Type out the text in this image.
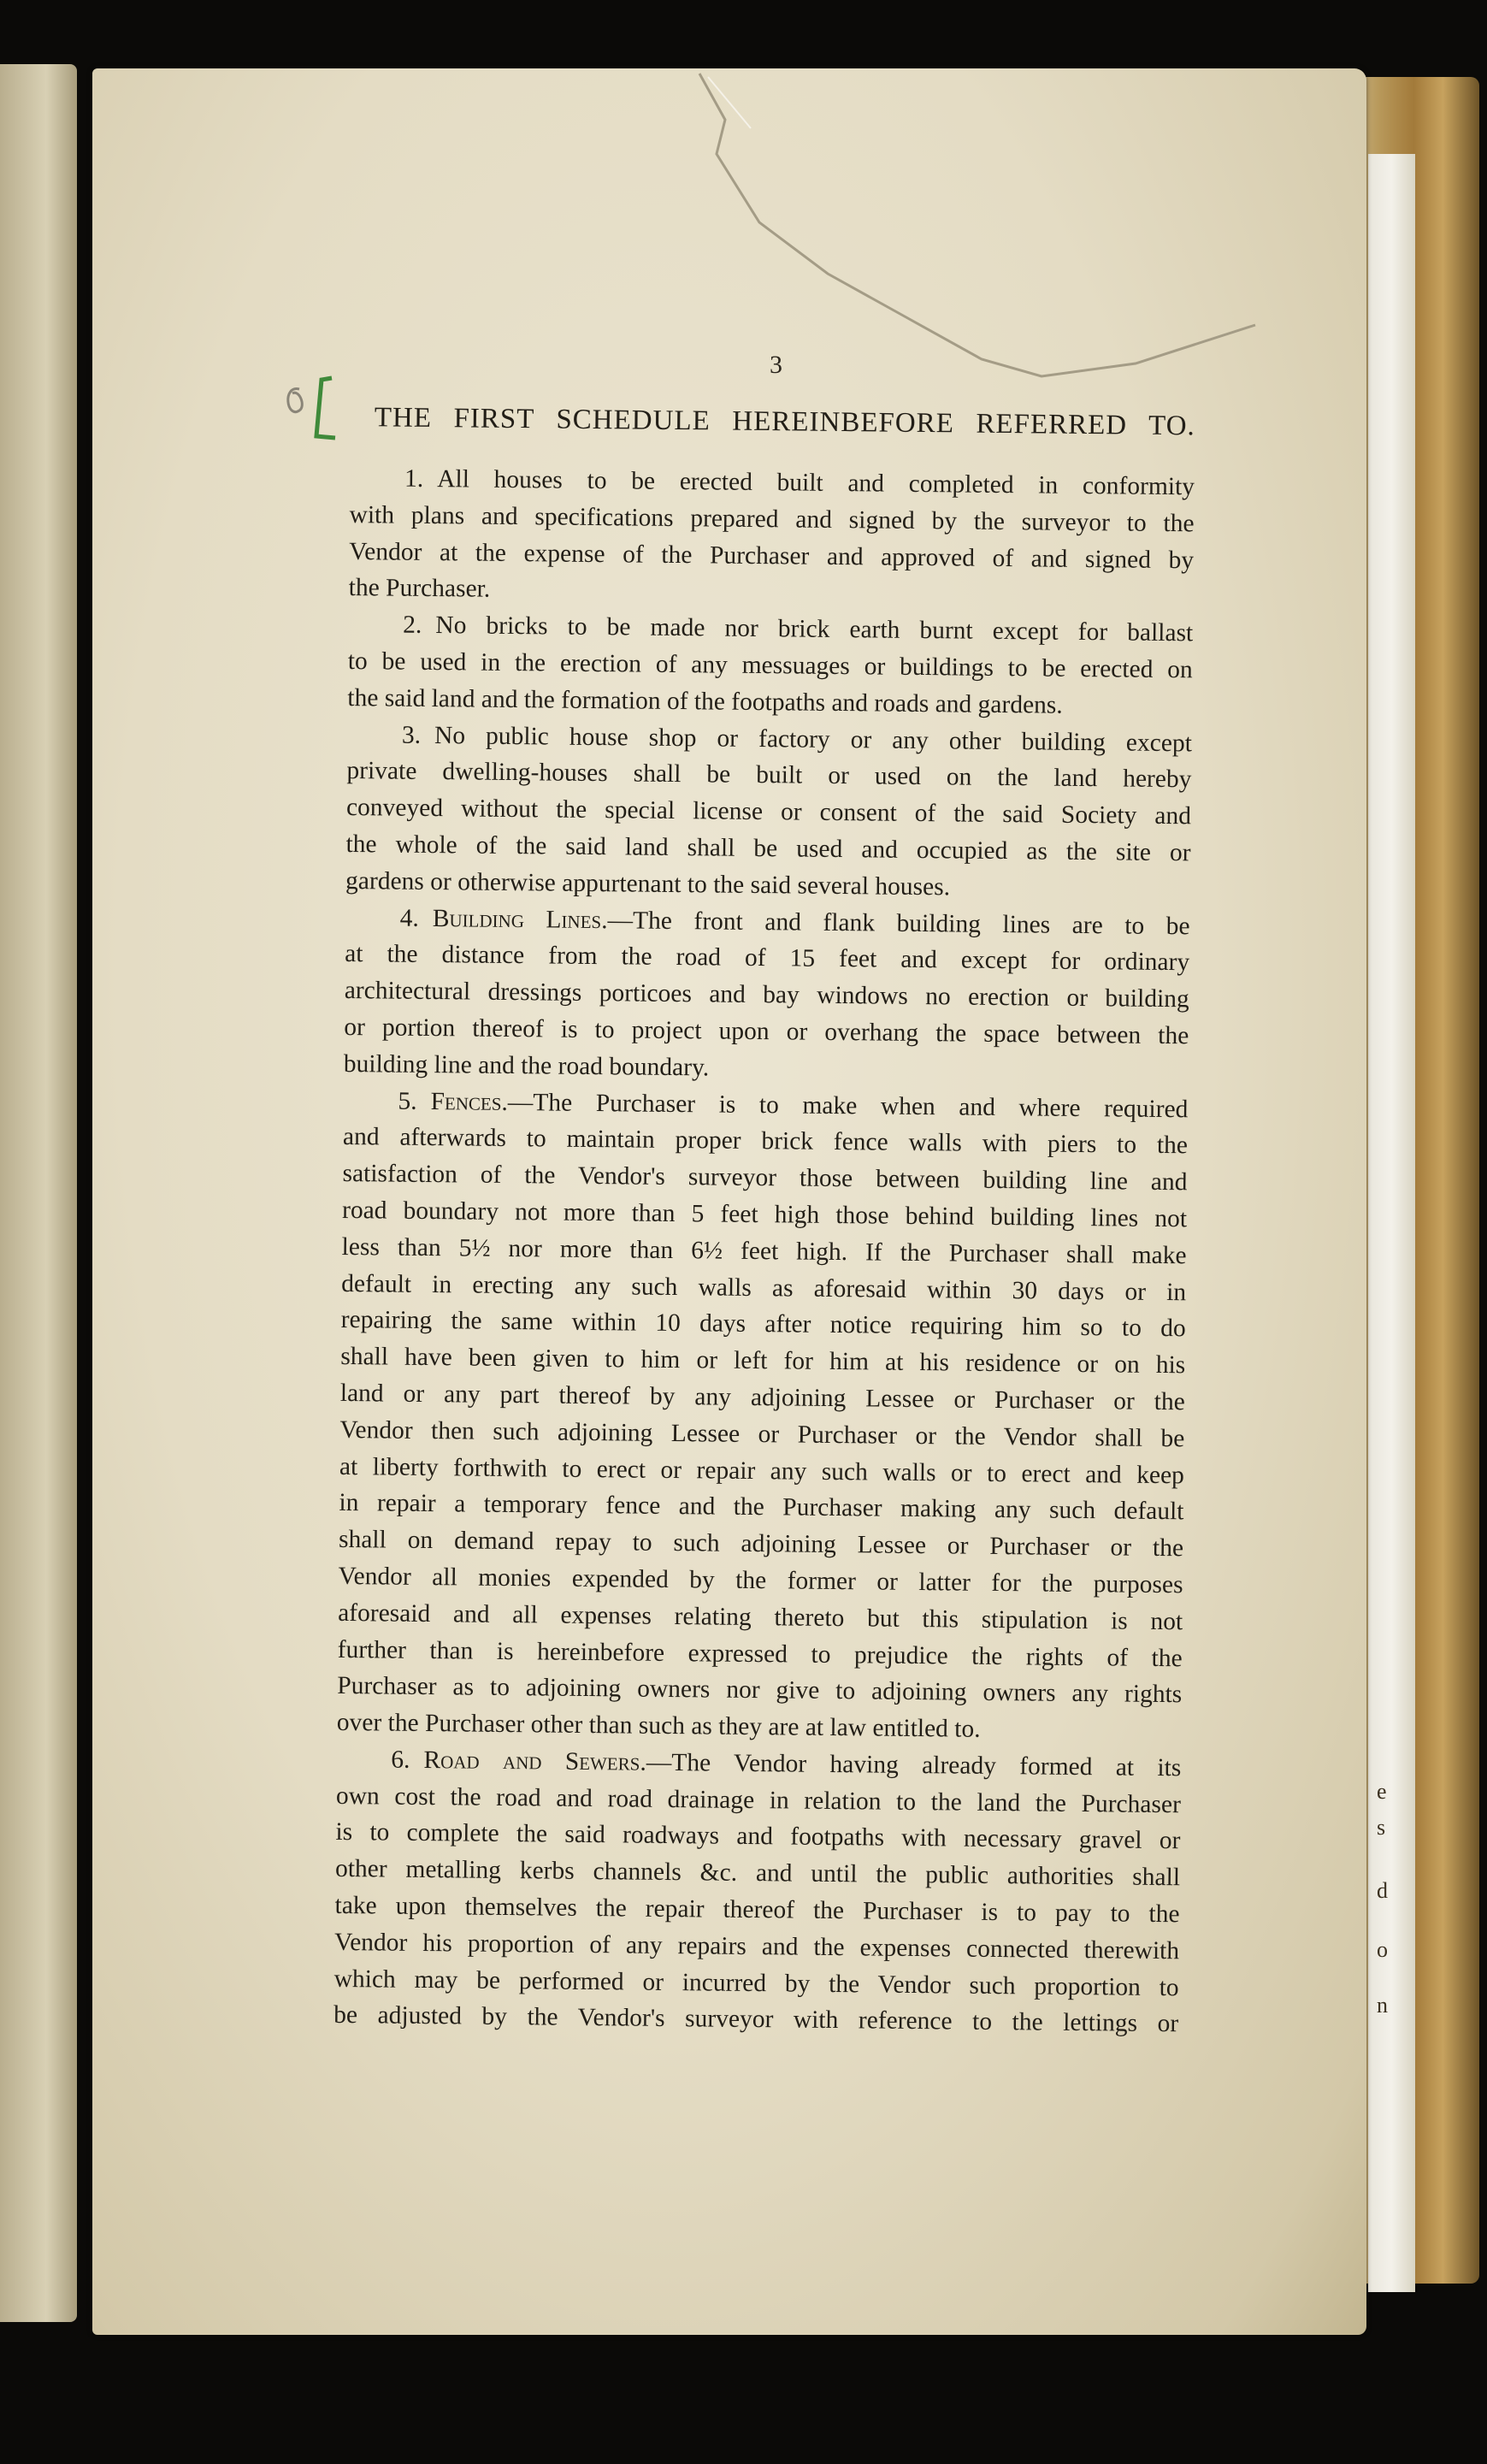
e
s
d
o
n
3
THE FIRST SCHEDULE HEREINBEFORE REFERRED TO.
1. All houses to be erected built and completed in conformity
with plans and specifications prepared and signed by the surveyor to the
Vendor at the expense of the Purchaser and approved of and signed by
the Purchaser.
2. No bricks to be made nor brick earth burnt except for ballast
to be used in the erection of any messuages or buildings to be erected on
the said land and the formation of the footpaths and roads and gardens.
3. No public house shop or factory or any other building except
private dwelling-houses shall be built or used on the land hereby
conveyed without the special license or consent of the said Society and
the whole of the said land shall be used and occupied as the site or
gardens or otherwise appurtenant to the said several houses.
4. Building Lines.—The front and flank building lines are to be
at the distance from the road of 15 feet and except for ordinary
architectural dressings porticoes and bay windows no erection or building
or portion thereof is to project upon or overhang the space between the
building line and the road boundary.
5. Fences.—The Purchaser is to make when and where required
and afterwards to maintain proper brick fence walls with piers to the
satisfaction of the Vendor's surveyor those between building line and
road boundary not more than 5 feet high those behind building lines not
less than 5½ nor more than 6½ feet high. If the Purchaser shall make
default in erecting any such walls as aforesaid within 30 days or in
repairing the same within 10 days after notice requiring him so to do
shall have been given to him or left for him at his residence or on his
land or any part thereof by any adjoining Lessee or Purchaser or the
Vendor then such adjoining Lessee or Purchaser or the Vendor shall be
at liberty forthwith to erect or repair any such walls or to erect and keep
in repair a temporary fence and the Purchaser making any such default
shall on demand repay to such adjoining Lessee or Purchaser or the
Vendor all monies expended by the former or latter for the purposes
aforesaid and all expenses relating thereto but this stipulation is not
further than is hereinbefore expressed to prejudice the rights of the
Purchaser as to adjoining owners nor give to adjoining owners any rights
over the Purchaser other than such as they are at law entitled to.
6. Road and Sewers.—The Vendor having already formed at its
own cost the road and road drainage in relation to the land the Purchaser
is to complete the said roadways and footpaths with necessary gravel or
other metalling kerbs channels &c. and until the public authorities shall
take upon themselves the repair thereof the Purchaser is to pay to the
Vendor his proportion of any repairs and the expenses connected therewith
which may be performed or incurred by the Vendor such proportion to
be adjusted by the Vendor's surveyor with reference to the lettings or
